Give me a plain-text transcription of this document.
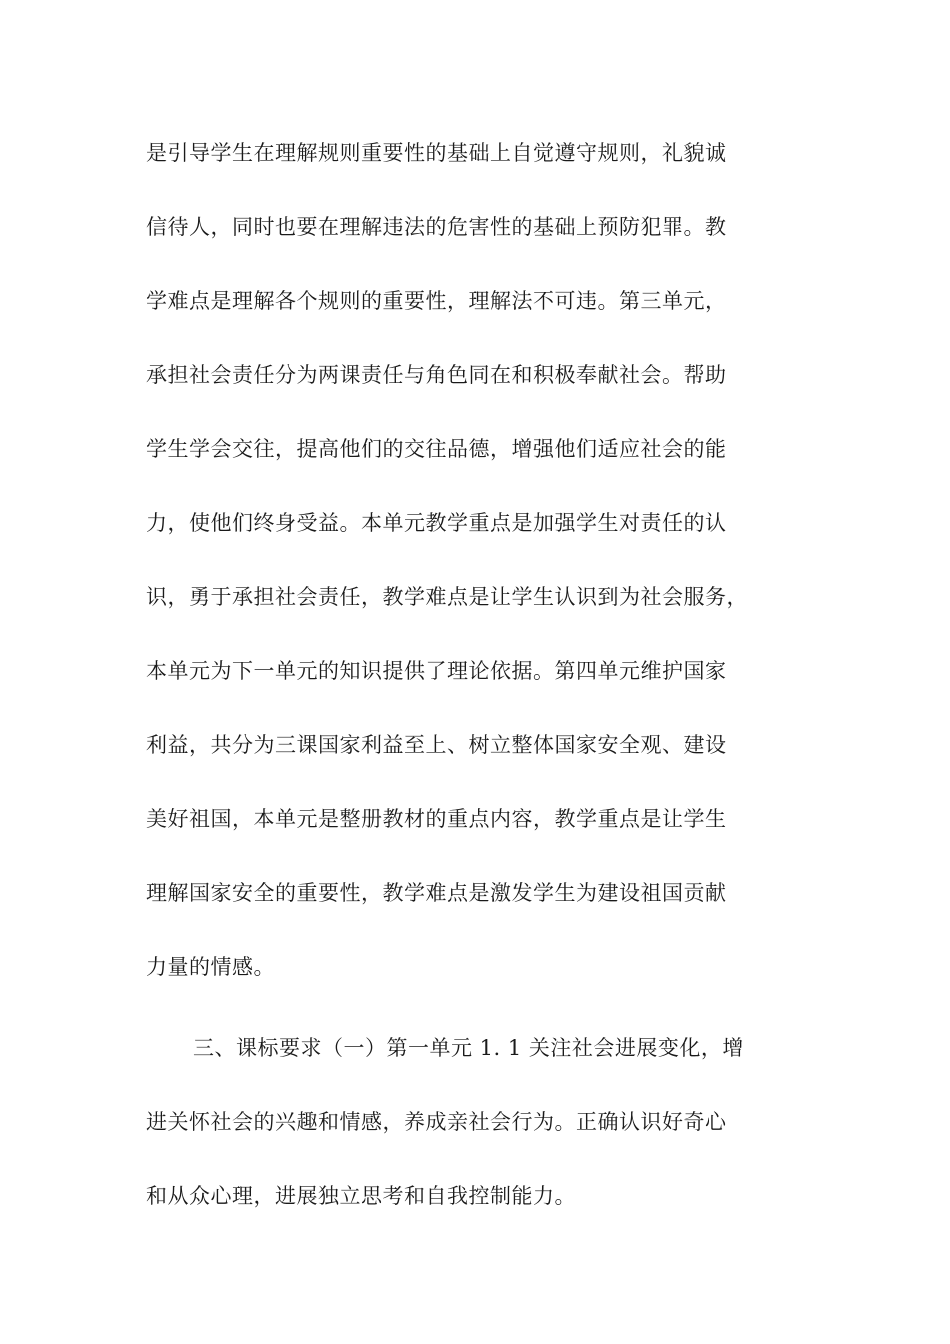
是引导学生在理解规则重要性的基础上自觉遵守规则，礼貌诚
信待人，同时也要在理解违法的危害性的基础上预防犯罪。教
学难点是理解各个规则的重要性，理解法不可违。第三单元，
承担社会责任分为两课责任与角色同在和积极奉献社会。帮助
学生学会交往，提高他们的交往品德，增强他们适应社会的能
力，使他们终身受益。本单元教学重点是加强学生对责任的认
识，勇于承担社会责任，教学难点是让学生认识到为社会服务，
本单元为下一单元的知识提供了理论依据。第四单元维护国家
利益，共分为三课国家利益至上、树立整体国家安全观、建设
美好祖国，本单元是整册教材的重点内容，教学重点是让学生
理解国家安全的重要性，教学难点是激发学生为建设祖国贡献
力量的情感。
三、课标要求（一）第一单元 1. 1 关注社会进展变化，增
进关怀社会的兴趣和情感，养成亲社会行为。正确认识好奇心
和从众心理，进展独立思考和自我控制能力。
